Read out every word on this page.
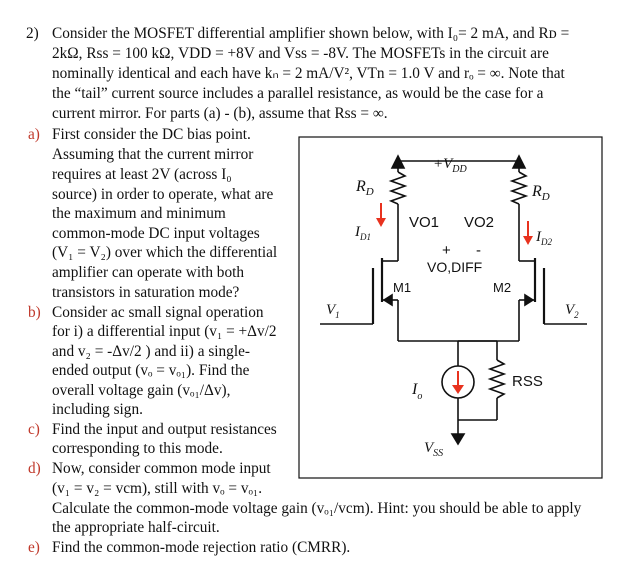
2) Consider the MOSFET differential amplifier shown below, with I₀= 2 mA, and Rᴅ =
2kΩ, Rss = 100 kΩ, VDD = +8V and Vss = -8V. The MOSFETs in the circuit are
nominally identical and each have kₙ = 2 mA/V², VTn = 1.0 V and rₒ = ∞. Note that
the “tail” current source includes a parallel resistance, as would be the case for a
current mirror. For parts (a) - (b), assume that Rss = ∞.
a) First consider the DC bias point.
Assuming that the current mirror
requires at least 2V (across I₀
source) in order to operate, what are
the maximum and minimum
common-mode DC input voltages
(V₁ = V₂) over which the differential
amplifier can operate with both
transistors in saturation mode?
b) Consider ac small signal operation
for i) a differential input (v₁ = +Δv/2
and v₂ = -Δv/2 ) and ii) a single-
ended output (vₒ = vₒ₁). Find the
overall voltage gain (vₒ₁/Δv),
including sign.
c) Find the input and output resistances
corresponding to this mode.
d) Now, consider common mode input
(v₁ = v₂ = vcm), still with vₒ = vₒ₁.
Calculate the common-mode voltage gain (vₒ₁/vcm). Hint: you should be able to apply
the appropriate half-circuit.
e) Find the common-mode rejection ratio (CMRR).
$+V_{DD}$
$R_D$	$R_D$
$I_{D1}$	$I_{D2}$
VO1 VO2
+ -
VO,DIFF
M1	M2
$V_1$	$V_2$
$I_o$
RSS
$V_{SS}$
